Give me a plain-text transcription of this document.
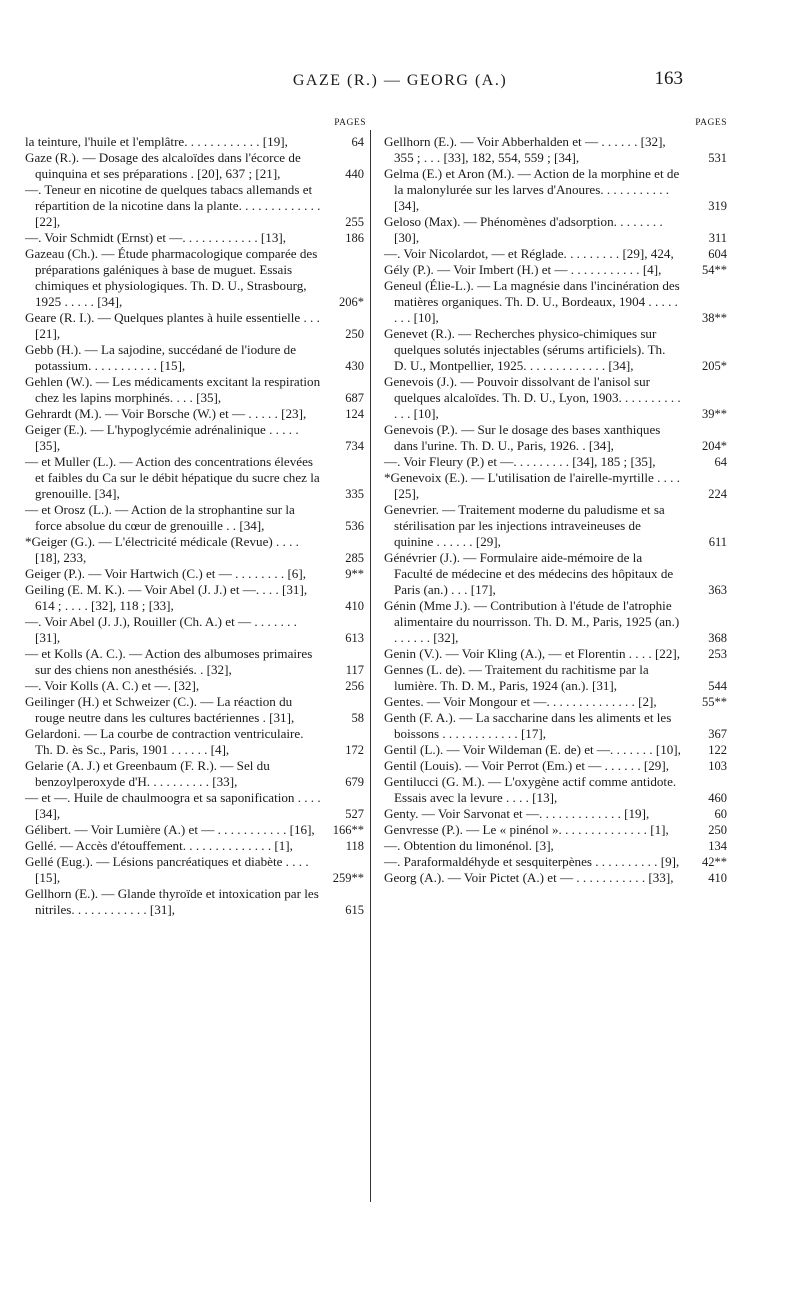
GAZE (R.) — GEORG (A.)	163
PAGES
la teinture, l'huile et l'emplâtre. . . . . . . . . . . . [19],	64
Gaze (R.). — Dosage des alcaloïdes dans l'écorce de quinquina et ses préparations . [20], 637 ; [21],	440
—. Teneur en nicotine de quelques tabacs allemands et répartition de la nicotine dans la plante. . . . . . . . . . . . . [22],	255
—. Voir Schmidt (Ernst) et —. . . . . . . . . . . . [13],	186
Gazeau (Ch.). — Étude pharmacologique comparée des préparations galéniques à base de muguet. Essais chimiques et physiologiques. Th. D. U., Strasbourg, 1925 . . . . . [34],	206*
Geare (R. I.). — Quelques plantes à huile essentielle . . . [21],	250
Gebb (H.). — La sajodine, succédané de l'iodure de potassium. . . . . . . . . . . [15],	430
Gehlen (W.). — Les médicaments excitant la respiration chez les lapins morphinés. . . . [35],	687
Gehrardt (M.). — Voir Borsche (W.) et — . . . . . [23],	124
Geiger (E.). — L'hypoglycémie adrénalinique . . . . . [35],	734
— et Muller (L.). — Action des concentrations élevées et faibles du Ca sur le débit hépatique du sucre chez la grenouille. [34],	335
— et Orosz (L.). — Action de la strophantine sur la force absolue du cœur de grenouille . . [34],	536
*Geiger (G.). — L'électricité médicale (Revue) . . . . [18], 233,	285
Geiger (P.). — Voir Hartwich (C.) et — . . . . . . . . [6],	9**
Geiling (E. M. K.). — Voir Abel (J. J.) et —. . . . [31], 614 ; . . . . [32], 118 ; [33],	410
—. Voir Abel (J. J.), Rouiller (Ch. A.) et — . . . . . . . [31],	613
— et Kolls (A. C.). — Action des albumoses primaires sur des chiens non anesthésiés. . [32],	117
—. Voir Kolls (A. C.) et —. [32],	256
Geilinger (H.) et Schweizer (C.). — La réaction du rouge neutre dans les cultures bactériennes . [31],	58
Gelardoni. — La courbe de contraction ventriculaire. Th. D. ès Sc., Paris, 1901 . . . . . . [4],	172
Gelarie (A. J.) et Greenbaum (F. R.). — Sel du benzoylperoxyde d'H. . . . . . . . . . [33],	679
— et —. Huile de chaulmoogra et sa saponification . . . . [34],	527
Gélibert. — Voir Lumière (A.) et — . . . . . . . . . . . [16],	166**
Gellé. — Accès d'étouffement. . . . . . . . . . . . . . [1],	118
Gellé (Eug.). — Lésions pancréatiques et diabète . . . . [15],	259**
Gellhorn (E.). — Glande thyroïde et intoxication par les nitriles. . . . . . . . . . . . [31],	615
PAGES
Gellhorn (E.). — Voir Abberhalden et — . . . . . . [32], 355 ; . . . [33], 182, 554, 559 ; [34],	531
Gelma (E.) et Aron (M.). — Action de la morphine et de la malonylurée sur les larves d'Anoures. . . . . . . . . . . [34],	319
Geloso (Max). — Phénomènes d'adsorption. . . . . . . . [30],	311
—. Voir Nicolardot, — et Réglade. . . . . . . . . [29], 424,	604
Gély (P.). — Voir Imbert (H.) et — . . . . . . . . . . . [4],	54**
Geneul (Élie-L.). — La magnésie dans l'incinération des matières organiques. Th. D. U., Bordeaux, 1904 . . . . . . . . [10],	38**
Genevet (R.). — Recherches physico-chimiques sur quelques solutés injectables (sérums artificiels). Th. D. U., Montpellier, 1925. . . . . . . . . . . . . [34],	205*
Genevois (J.). — Pouvoir dissolvant de l'anisol sur quelques alcaloïdes. Th. D. U., Lyon, 1903. . . . . . . . . . . . . [10],	39**
Genevois (P.). — Sur le dosage des bases xanthiques dans l'urine. Th. D. U., Paris, 1926. . [34],	204*
—. Voir Fleury (P.) et —. . . . . . . . . [34], 185 ; [35],	64
*Genevoix (E.). — L'utilisation de l'airelle-myrtille . . . . [25],	224
Genevrier. — Traitement moderne du paludisme et sa stérilisation par les injections intraveineuses de quinine . . . . . . [29],	611
Génévrier (J.). — Formulaire aide-mémoire de la Faculté de médecine et des médecins des hôpitaux de Paris (an.) . . . [17],	363
Génin (Mme J.). — Contribution à l'étude de l'atrophie alimentaire du nourrisson. Th. D. M., Paris, 1925 (an.) . . . . . . [32],	368
Genin (V.). — Voir Kling (A.), — et Florentin . . . . [22],	253
Gennes (L. de). — Traitement du rachitisme par la lumière. Th. D. M., Paris, 1924 (an.). [31],	544
Gentes. — Voir Mongour et —. . . . . . . . . . . . . . [2],	55**
Genth (F. A.). — La saccharine dans les aliments et les boissons . . . . . . . . . . . . [17],	367
Gentil (L.). — Voir Wildeman (E. de) et —. . . . . . . [10],	122
Gentil (Louis). — Voir Perrot (Em.) et — . . . . . . [29],	103
Gentilucci (G. M.). — L'oxygène actif comme antidote. Essais avec la levure . . . . [13],	460
Genty. — Voir Sarvonat et —. . . . . . . . . . . . . [19],	60
Genvresse (P.). — Le « pinénol ». . . . . . . . . . . . . . [1],	250
—. Obtention du limonénol. [3],	134
—. Paraformaldéhyde et sesquiterpènes . . . . . . . . . . [9],	42**
Georg (A.). — Voir Pictet (A.) et — . . . . . . . . . . . [33],	410
